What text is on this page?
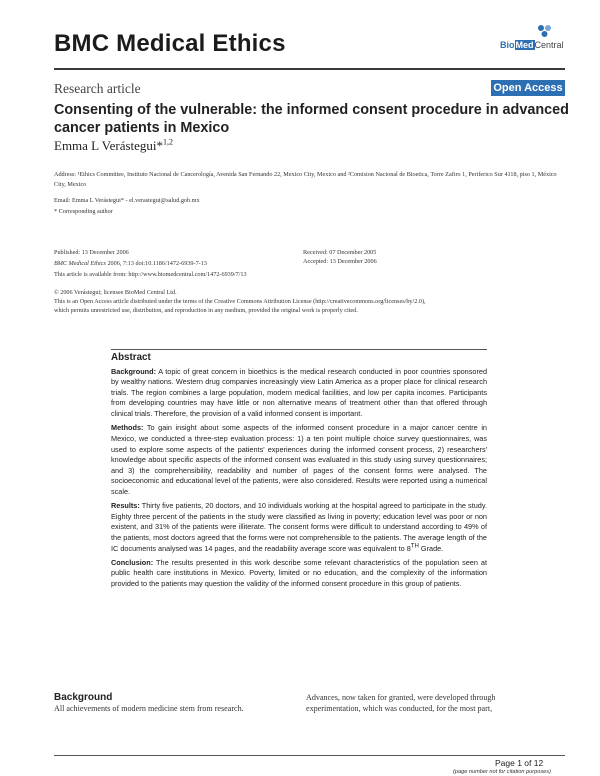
BMC Medical Ethics	BioMedCentral
Research article	Open Access
Consenting of the vulnerable: the informed consent procedure in advanced cancer patients in Mexico
Emma L Verástegui*$^{1,2}$
Address: ¹Ethics Committee, Instituto Nacional de Cancerología, Avenida San Fernando 22, Mexico City, Mexico and ²Comision Nacional de Bioetica, Torre Zafiro 1, Periferico Sur 4118, piso 1, México City, Mexico
Email: Emma L Verástegui* - el.verastegui@salud.gob.mx
* Corresponding author
Published: 13 December 2006
BMC Medical Ethics 2006, 7:13 doi:10.1186/1472-6939-7-13
Received: 07 December 2005
Accepted: 13 December 2006
This article is available from: http://www.biomedcentral.com/1472-6939/7/13
© 2006 Verástegui; licensee BioMed Central Ltd.
This is an Open Access article distributed under the terms of the Creative Commons Attribution License (http://creativecommons.org/licenses/by/2.0),
which permits unrestricted use, distribution, and reproduction in any medium, provided the original work is properly cited.
Abstract
Background: A topic of great concern in bioethics is the medical research conducted in poor countries sponsored by wealthy nations. Western drug companies increasingly view Latin America as a proper place for clinical research trials. The region combines a large population, modern medical facilities, and low per capita incomes. Participants from developing countries may have little or non alternative means of treatment other than that offered through clinical trials. Therefore, the provision of a valid informed consent is important.
Methods: To gain insight about some aspects of the informed consent procedure in a major cancer centre in Mexico, we conducted a three-step evaluation process: 1) a ten point multiple choice survey questionnaires, was used to explore some aspects of the patients' experiences during the informed consent process, 2) researchers' knowledge about specific aspects of the informed consent was evaluated in this study using survey questionnaires; and 3) the comprehensibility, readability and number of pages of the consent forms were analysed. The socioeconomic and educational level of the patients, were also considered. Results were reported using a numerical scale.
Results: Thirty five patients, 20 doctors, and 10 individuals working at the hospital agreed to participate in the study. Eighty three percent of the patients in the study were classified as living in poverty; education level was poor or non existent, and 31% of the patients were illiterate. The consent forms were difficult to understand according to 49% of the patients, most doctors agreed that the forms were not comprehensible to the patients. The average length of the IC documents analysed was 14 pages, and the readability average score was equivalent to 8TH Grade.
Conclusion: The results presented in this work describe some relevant characteristics of the population seen at public health care institutions in Mexico. Poverty, limited or no education, and the complexity of the information provided to the patients may question the validity of the informed consent procedure in this group of patients.
Background
All achievements of modern medicine stem from research.
Advances, now taken for granted, were developed through
experimentation, which was conducted, for the most part,
Page 1 of 12
(page number not for citation purposes)
